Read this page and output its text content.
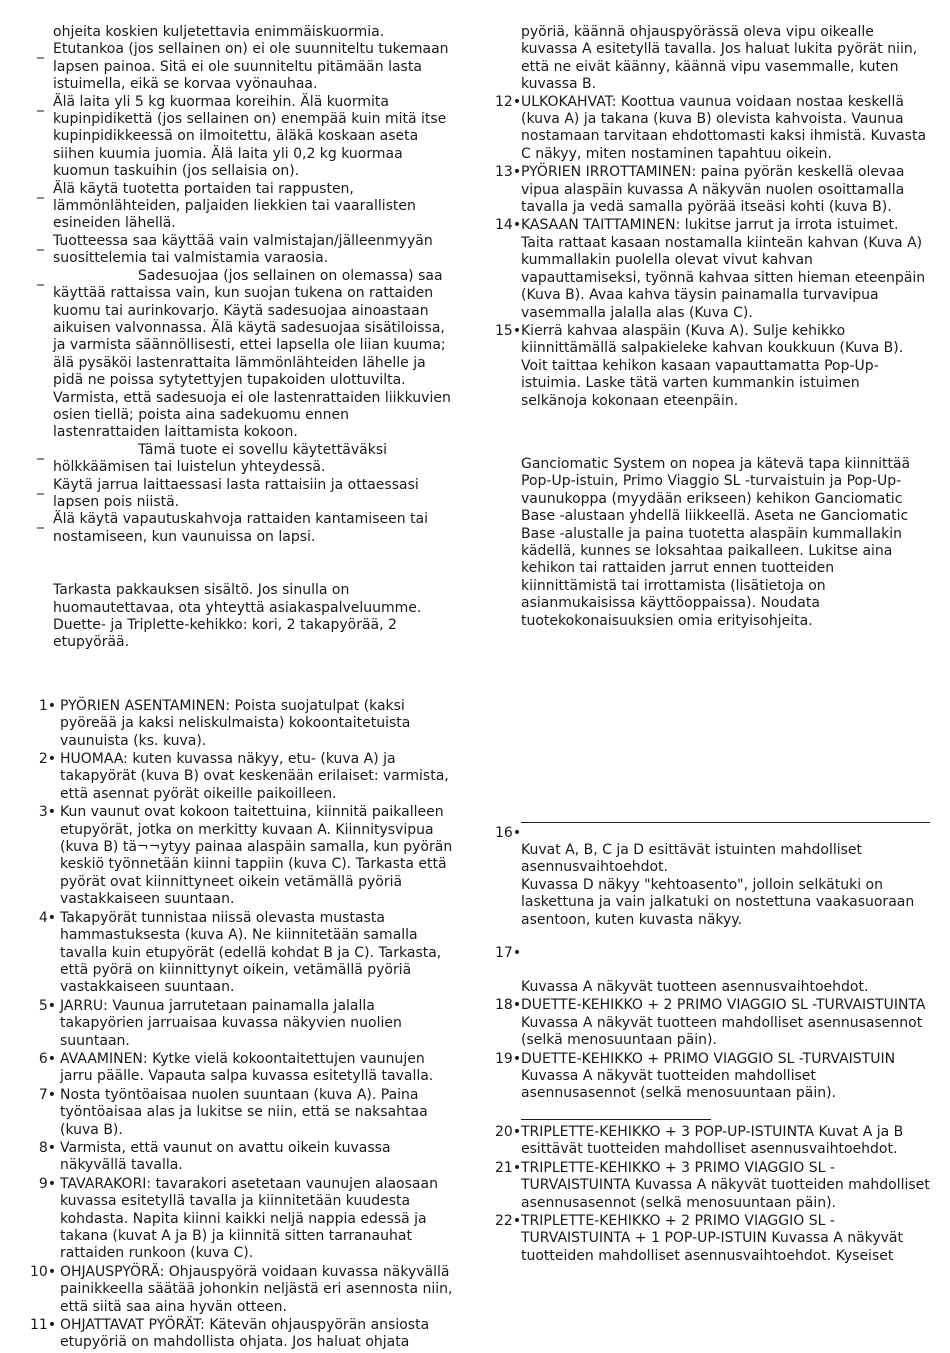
ohjeita koskien kuljetettavia enimmäiskuormia.

_ Etutankoa (jos sellainen on) ei ole suunniteltu tukemaan lapsen painoa. Sitä ei ole suunniteltu pitämään lasta istuimella, eikä se korvaa vyönauhaa.
_ Älä laita yli 5 kg kuormaa koreihin. Älä kuormita kupinpidikettä (jos sellainen on) enempää kuin mitä itse kupinpidikkeessä on ilmoitettu, äläkä koskaan aseta siihen kuumia juomia. Älä laita yli 0,2 kg kuormaa kuomun taskuihin (jos sellaisia on).
_ Älä käytä tuotetta portaiden tai rappusten, lämmönlähteiden, paljaiden liekkien tai vaarallisten esineiden lähellä.
_ Tuotteessa saa käyttää vain valmistajan/jälleenmyyän suosittelemia tai valmistamia varaosia.
_	Sadesuojaa (jos sellainen on olemassa) saa käyttää rattaissa vain, kun suojan tukena on rattaiden kuomu tai aurinkovarjo. Käytä sadesuojaa ainoastaan aikuisen valvonnassa. Älä käytä sadesuojaa sisätiloissa, ja varmista säännöllisesti, ettei lapsella ole liian kuuma; älä pysäköi lastenrattaita lämmönlähteiden lähelle ja pidä ne poissa sytytettyjen tupakoiden ulottuvilta. Varmista, että sadesuoja ei ole lastenrattaiden liikkuvien osien tiellä; poista aina sadekuomu ennen lastenrattaiden laittamista kokoon.
_	Tämä tuote ei sovellu käytettäväksi hölkkäämisen tai luistelun yhteydessä.
_ Käytä jarrua laittaessasi lasta rattaisiin ja ottaessasi lapsen pois niistä.
_ Älä käytä vapautuskahvoja rattaiden kantamiseen tai nostamiseen, kun vaunuissa on lapsi.

Tarkasta pakkauksen sisältö. Jos sinulla on huomautettavaa, ota yhteyttä asiakaspalveluumme. Duette- ja Triplette-kehikko: kori, 2 takapyörää, 2 etupyörää.

1• PYÖRIEN ASENTAMINEN: Poista suojatulpat (kaksi pyöreää ja kaksi neliskulmaista) kokoontaitetuista vaunuista (ks. kuva).
2• HUOMAA: kuten kuvassa näkyy, etu- (kuva A) ja takapyörät (kuva B) ovat keskenään erilaiset: varmista, että asennat pyörät oikeille paikoilleen.
3• Kun vaunut ovat kokoon taitettuina, kiinnitä paikalleen etupyörät, jotka on merkitty kuvaan A. Kiinnitysvipua (kuva B) tä¬¬ytyy painaa alaspäin samalla, kun pyörän keskiö työnnetään kiinni tappiin (kuva C). Tarkasta että pyörät ovat kiinnittyneet oikein vetämällä pyöriä vastakkaiseen suuntaan.
4• Takapyörät tunnistaa niissä olevasta mustasta hammastuksesta (kuva A). Ne kiinnitetään samalla tavalla kuin etupyörät (edellä kohdat B ja C). Tarkasta, että pyörä on kiinnittynyt oikein, vetämällä pyöriä vastakkaiseen suuntaan.
5• JARRU: Vaunua jarrutetaan painamalla jalalla takapyörien jarruaisaa kuvassa näkyvien nuolien suuntaan.
6• AVAAMINEN: Kytke vielä kokoontaitettujen vaunujen jarru päälle. Vapauta salpa kuvassa esitetyllä tavalla.
7• Nosta työntöaisaa nuolen suuntaan (kuva A). Paina työntöaisaa alas ja lukitse se niin, että se naksahtaa (kuva B).
8• Varmista, että vaunut on avattu oikein kuvassa näkyvällä tavalla.
9• TAVARAKORI: tavarakori asetetaan vaunujen alaosaan kuvassa esitetyllä tavalla ja kiinnitetään kuudesta kohdasta. Napita kiinni kaikki neljä nappia edessä ja takana (kuvat A ja B) ja kiinnitä sitten tarranauhat rattaiden runkoon (kuva C).
10• OHJAUSPYÖRÄ: Ohjauspyörä voidaan kuvassa näkyvällä painikkeella säätää johonkin neljästä eri asennosta niin, että siitä saa aina hyvän otteen.
11• OHJATTAVAT PYÖRÄT: Kätevän ohjauspyörän ansiosta etupyöriä on mahdollista ohjata. Jos haluat ohjata

pyöriä, käännä ohjauspyörässä oleva vipu oikealle kuvassa A esitetyllä tavalla. Jos haluat lukita pyörät niin, että ne eivät käänny, käännä vipu vasemmalle, kuten kuvassa B.

12• ULKOKAHVAT: Koottua vaunua voidaan nostaa keskellä (kuva A) ja takana (kuva B) olevista kahvoista. Vaunua nostamaan tarvitaan ehdottomasti kaksi ihmistä. Kuvasta C näkyy, miten nostaminen tapahtuu oikein.
13• PYÖRIEN IRROTTAMINEN: paina pyörän keskellä olevaa vipua alaspäin kuvassa A näkyvän nuolen osoittamalla tavalla ja vedä samalla pyörää itseäsi kohti (kuva B).
14• KASAAN TAITTAMINEN: lukitse jarrut ja irrota istuimet. Taita rattaat kasaan nostamalla kiinteän kahvan (Kuva A) kummallakin puolella olevat vivut kahvan vapauttamiseksi, työnnä kahvaa sitten hieman eteenpäin (Kuva B). Avaa kahva täysin painamalla turvavipua vasemmalla jalalla alas (Kuva C).
15• Kierrä kahvaa alaspäin (Kuva A). Sulje kehikko kiinnittämällä salpakieleke kahvan koukkuun (Kuva B). Voit taittaa kehikon kasaan vapauttamatta Pop-Up-istuimia. Laske tätä varten kummankin istuimen selkänoja kokonaan eteenpäin.

Ganciomatic System on nopea ja kätevä tapa kiinnittää Pop-Up-istuin, Primo Viaggio SL -turvaistuin ja Pop-Up-vaunukoppa (myydään erikseen) kehikon Ganciomatic Base -alustaan yhdellä liikkeellä. Aseta ne Ganciomatic Base -alustalle ja paina tuotetta alaspäin kummallakin kädellä, kunnes se loksahtaa paikalleen. Lukitse aina kehikon tai rattaiden jarrut ennen tuotteiden kiinnittämistä tai irrottamista (lisätietoja on asianmukaisissa käyttöoppaissa). Noudata tuotekokonaisuuksien omia erityisohjeita.

16•
Kuvat A, B, C ja D esittävät istuinten mahdolliset asennusvaihtoehdot.
Kuvassa D näkyy "kehtoasento", jolloin selkätuki on laskettuna ja vain jalkatuki on nostettuna vaakasuoraan asentoon, kuten kuvasta näkyy.
17•
Kuvassa A näkyvät tuotteen asennusvaihtoehdot.
18• DUETTE-KEHIKKO + 2 PRIMO VIAGGIO SL -TURVAISTUINTA Kuvassa A näkyvät tuotteen mahdolliset asennusasennot (selkä menosuuntaan päin).
19• DUETTE-KEHIKKO + PRIMO VIAGGIO SL -TURVAISTUIN Kuvassa A näkyvät tuotteiden mahdolliset asennusasennot (selkä menosuuntaan päin).
20• TRIPLETTE-KEHIKKO + 3 POP-UP-ISTUINTA Kuvat A ja B esittävät tuotteiden mahdolliset asennusvaihtoehdot.
21• TRIPLETTE-KEHIKKO + 3 PRIMO VIAGGIO SL -TURVAISTUINTA Kuvassa A näkyvät tuotteiden mahdolliset asennusasennot (selkä menosuuntaan päin).
22• TRIPLETTE-KEHIKKO + 2 PRIMO VIAGGIO SL -TURVAISTUINTA + 1 POP-UP-ISTUIN Kuvassa A näkyvät tuotteiden mahdolliset asennusvaihtoehdot. Kyseiset
